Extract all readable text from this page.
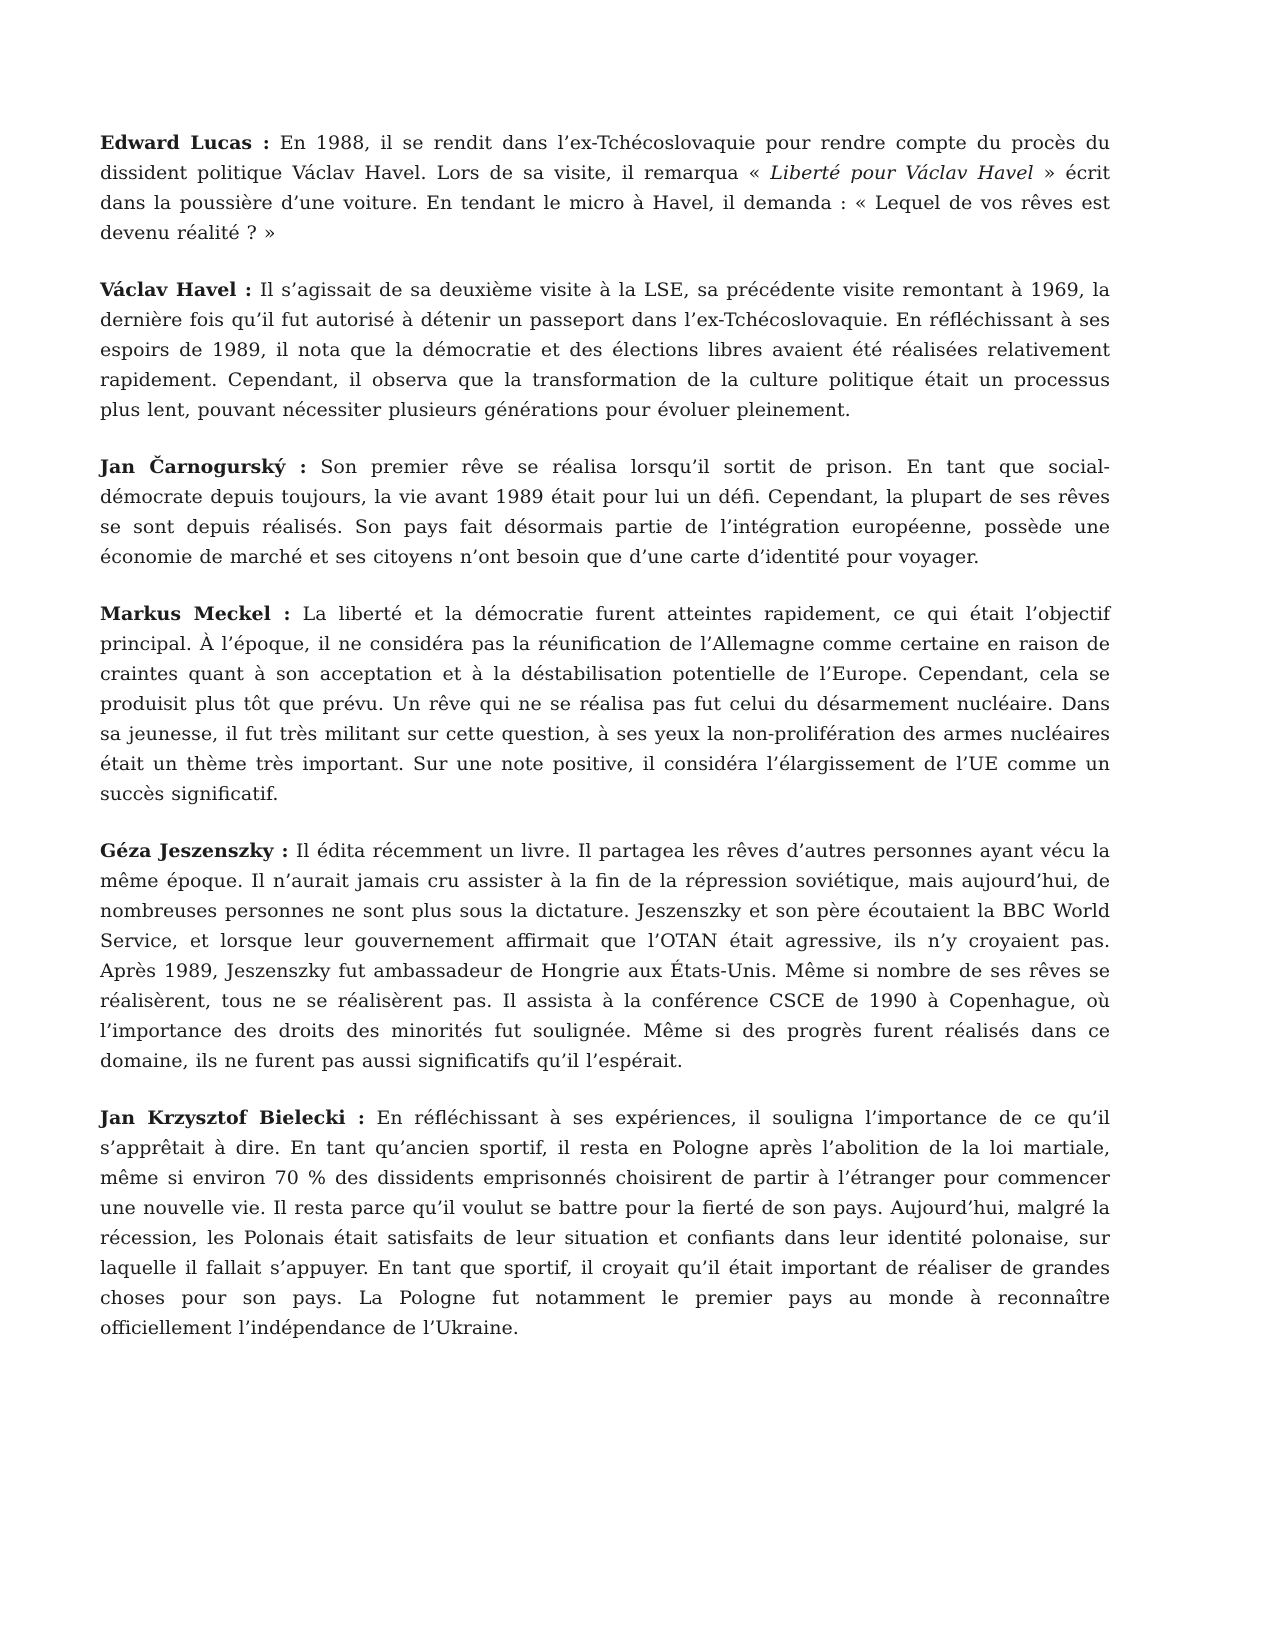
Edward Lucas : En 1988, il se rendit dans l’ex-Tchécoslovaquie pour rendre compte du procès du dissident politique Václav Havel. Lors de sa visite, il remarqua « Liberté pour Václav Havel » écrit dans la poussière d’une voiture. En tendant le micro à Havel, il demanda : « Lequel de vos rêves est devenu réalité ? »

Václav Havel : Il s’agissait de sa deuxième visite à la LSE, sa précédente visite remontant à 1969, la dernière fois qu’il fut autorisé à détenir un passeport dans l’ex-Tchécoslovaquie. En réfléchissant à ses espoirs de 1989, il nota que la démocratie et des élections libres avaient été réalisées relativement rapidement. Cependant, il observa que la transformation de la culture politique était un processus plus lent, pouvant nécessiter plusieurs générations pour évoluer pleinement.

Jan Čarnogurský : Son premier rêve se réalisa lorsqu’il sortit de prison. En tant que social-démocrate depuis toujours, la vie avant 1989 était pour lui un défi. Cependant, la plupart de ses rêves se sont depuis réalisés. Son pays fait désormais partie de l’intégration européenne, possède une économie de marché et ses citoyens n’ont besoin que d’une carte d’identité pour voyager.

Markus Meckel : La liberté et la démocratie furent atteintes rapidement, ce qui était l’objectif principal. À l’époque, il ne considéra pas la réunification de l’Allemagne comme certaine en raison de craintes quant à son acceptation et à la déstabilisation potentielle de l’Europe. Cependant, cela se produisit plus tôt que prévu. Un rêve qui ne se réalisa pas fut celui du désarmement nucléaire. Dans sa jeunesse, il fut très militant sur cette question, à ses yeux la non-prolifération des armes nucléaires était un thème très important. Sur une note positive, il considéra l’élargissement de l’UE comme un succès significatif.

Géza Jeszenszky : Il édita récemment un livre. Il partagea les rêves d’autres personnes ayant vécu la même époque. Il n’aurait jamais cru assister à la fin de la répression soviétique, mais aujourd’hui, de nombreuses personnes ne sont plus sous la dictature. Jeszenszky et son père écoutaient la BBC World Service, et lorsque leur gouvernement affirmait que l’OTAN était agressive, ils n’y croyaient pas. Après 1989, Jeszenszky fut ambassadeur de Hongrie aux États-Unis. Même si nombre de ses rêves se réalisèrent, tous ne se réalisèrent pas. Il assista à la conférence CSCE de 1990 à Copenhague, où l’importance des droits des minorités fut soulignée. Même si des progrès furent réalisés dans ce domaine, ils ne furent pas aussi significatifs qu’il l’espérait.

Jan Krzysztof Bielecki : En réfléchissant à ses expériences, il souligna l’importance de ce qu’il s’apprêtait à dire. En tant qu’ancien sportif, il resta en Pologne après l’abolition de la loi martiale, même si environ 70 % des dissidents emprisonnés choisirent de partir à l’étranger pour commencer une nouvelle vie. Il resta parce qu’il voulut se battre pour la fierté de son pays. Aujourd’hui, malgré la récession, les Polonais était satisfaits de leur situation et confiants dans leur identité polonaise, sur laquelle il fallait s’appuyer. En tant que sportif, il croyait qu’il était important de réaliser de grandes choses pour son pays. La Pologne fut notamment le premier pays au monde à reconnaître officiellement l’indépendance de l’Ukraine.
